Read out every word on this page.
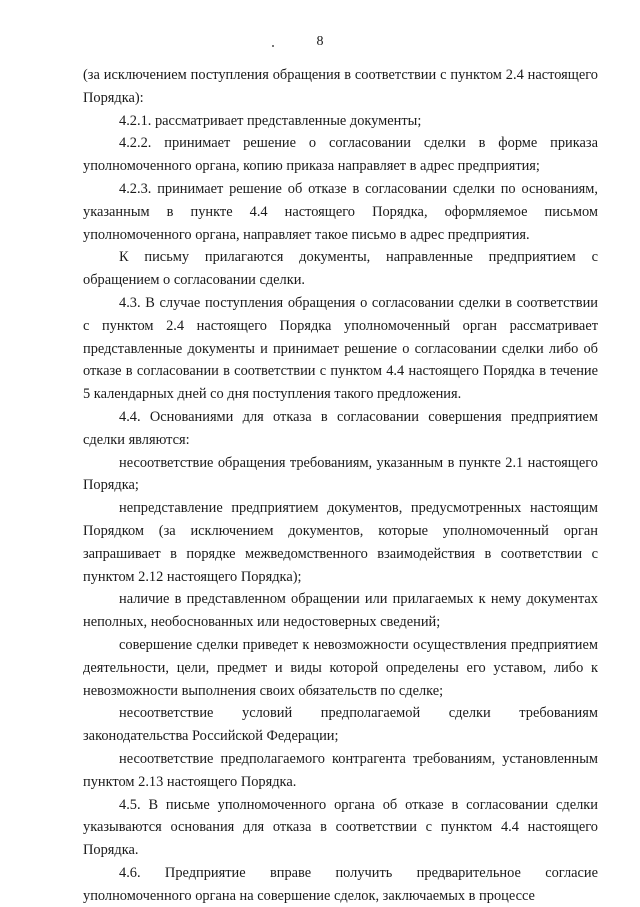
8

(за исключением поступления обращения в соответствии с пунктом 2.4 настоящего Порядка):

4.2.1. рассматривает представленные документы;

4.2.2. принимает решение о согласовании сделки в форме приказа уполномоченного органа, копию приказа направляет в адрес предприятия;

4.2.3. принимает решение об отказе в согласовании сделки по основаниям, указанным в пункте 4.4 настоящего Порядка, оформляемое письмом уполномоченного органа, направляет такое письмо в адрес предприятия.

К письму прилагаются документы, направленные предприятием с обращением о согласовании сделки.

4.3. В случае поступления обращения о согласовании сделки в соответствии с пунктом 2.4 настоящего Порядка уполномоченный орган рассматривает представленные документы и принимает решение о согласовании сделки либо об отказе в согласовании в соответствии с пунктом 4.4 настоящего Порядка в течение 5 календарных дней со дня поступления такого предложения.

4.4. Основаниями для отказа в согласовании совершения предприятием сделки являются:

несоответствие обращения требованиям, указанным в пункте 2.1 настоящего Порядка;

непредставление предприятием документов, предусмотренных настоящим Порядком (за исключением документов, которые уполномоченный орган запрашивает в порядке межведомственного взаимодействия в соответствии с пунктом 2.12 настоящего Порядка);

наличие в представленном обращении или прилагаемых к нему документах неполных, необоснованных или недостоверных сведений;

совершение сделки приведет к невозможности осуществления предприятием деятельности, цели, предмет и виды которой определены его уставом, либо к невозможности выполнения своих обязательств по сделке;

несоответствие условий предполагаемой сделки требованиям законодательства Российской Федерации;

несоответствие предполагаемого контрагента требованиям, установленным пунктом 2.13 настоящего Порядка.

4.5. В письме уполномоченного органа об отказе в согласовании сделки указываются основания для отказа в соответствии с пунктом 4.4 настоящего Порядка.

4.6. Предприятие вправе получить предварительное согласие уполномоченного органа на совершение сделок, заключаемых в процессе
